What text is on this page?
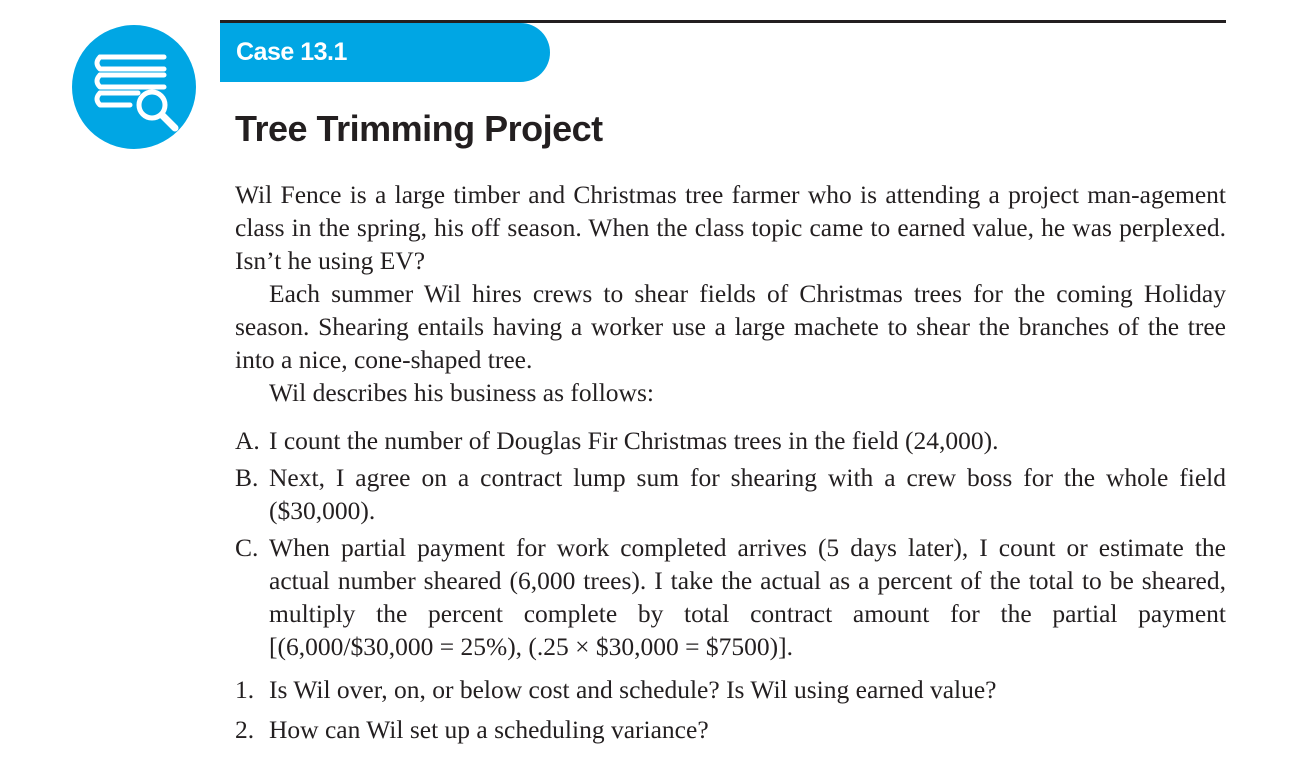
Case 13.1
Tree Trimming Project

Wil Fence is a large timber and Christmas tree farmer who is attending a project man-agement class in the spring, his off season. When the class topic came to earned value, he was perplexed. Isn’t he using EV?

Each summer Wil hires crews to shear fields of Christmas trees for the coming Holiday season. Shearing entails having a worker use a large machete to shear the branches of the tree into a nice, cone-shaped tree.

Wil describes his business as follows:

A. I count the number of Douglas Fir Christmas trees in the field (24,000).
B. Next, I agree on a contract lump sum for shearing with a crew boss for the whole field ($30,000).
C. When partial payment for work completed arrives (5 days later), I count or estimate the actual number sheared (6,000 trees). I take the actual as a percent of the total to be sheared, multiply the percent complete by total contract amount for the partial payment [(6,000/$30,000 = 25%), (.25 × $30,000 = $7500)].
1. Is Wil over, on, or below cost and schedule? Is Wil using earned value?
2. How can Wil set up a scheduling variance?
